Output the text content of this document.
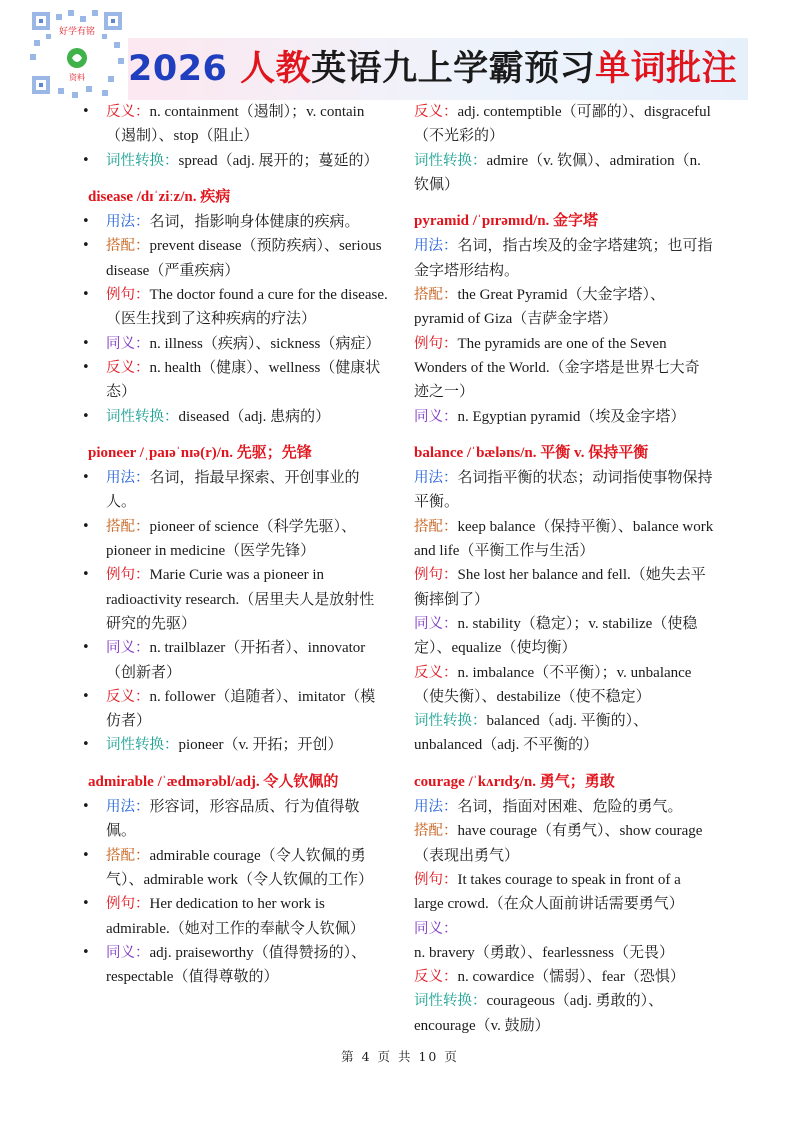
好学有铭
资料 2026 人教英语九上学霸预习单词批注
• 反义：n. containment（遏制）；v. contain（遏制）、stop（阻止）
• 词性转换：spread（adj. 展开的；蔓延的）
disease /dɪˈziːz/n. 疾病
• 用法：名词，指影响身体健康的疾病。
• 搭配：prevent disease（预防疾病）、serious disease（严重疾病）
• 例句：The doctor found a cure for the disease.（医生找到了这种疾病的疗法）
• 同义：n. illness（疾病）、sickness（病症）
• 反义：n. health（健康）、wellness（健康状态）
• 词性转换：diseased（adj. 患病的）
pioneer /ˌpaɪəˈnɪə(r)/n. 先驱；先锋
• 用法：名词，指最早探索、开创事业的人。
• 搭配：pioneer of science（科学先驱）、pioneer in medicine（医学先锋）
• 例句：Marie Curie was a pioneer in radioactivity research.（居里夫人是放射性研究的先驱）
• 同义：n. trailblazer（开拓者）、innovator（创新者）
• 反义：n. follower（追随者）、imitator（模仿者）
• 词性转换：pioneer（v. 开拓；开创）
admirable /ˈædmərəbl/adj. 令人钦佩的
• 用法：形容词，形容品质、行为值得敬佩。
• 搭配：admirable courage（令人钦佩的勇气）、admirable work（令人钦佩的工作）
• 例句：Her dedication to her work is admirable.（她对工作的奉献令人钦佩）
• 同义：adj. praiseworthy（值得赞扬的）、respectable（值得尊敬的）
反义：adj. contemptible（可鄙的）、disgraceful（不光彩的）
词性转换：admire（v. 钦佩）、admiration（n. 钦佩）
pyramid /ˈpɪrəmɪd/n. 金字塔
用法：名词，指古埃及的金字塔建筑；也可指金字塔形结构。
搭配：the Great Pyramid（大金字塔）、pyramid of Giza（吉萨金字塔）
例句：The pyramids are one of the Seven Wonders of the World.（金字塔是世界七大奇迹之一）
同义：n. Egyptian pyramid（埃及金字塔）
balance /ˈbæləns/n. 平衡 v. 保持平衡
用法：名词指平衡的状态；动词指使事物保持平衡。
搭配：keep balance（保持平衡）、balance work and life（平衡工作与生活）
例句：She lost her balance and fell.（她失去平衡摔倒了）
同义：n. stability（稳定）；v. stabilize（使稳定）、equalize（使均衡）
反义：n. imbalance（不平衡）；v. unbalance（使失衡）、destabilize（使不稳定）
词性转换：balanced（adj. 平衡的）、unbalanced（adj. 不平衡的）
courage /ˈkʌrɪdʒ/n. 勇气；勇敢
用法：名词，指面对困难、危险的勇气。
搭配：have courage（有勇气）、show courage（表现出勇气）
例句：It takes courage to speak in front of a large crowd.（在众人面前讲话需要勇气）
同义：n. bravery（勇敢）、fearlessness（无畏）
反义：n. cowardice（懦弱）、fear（恐惧）
词性转换：courageous（adj. 勇敢的）、encourage（v. 鼓励）
第 4 页 共 10 页
